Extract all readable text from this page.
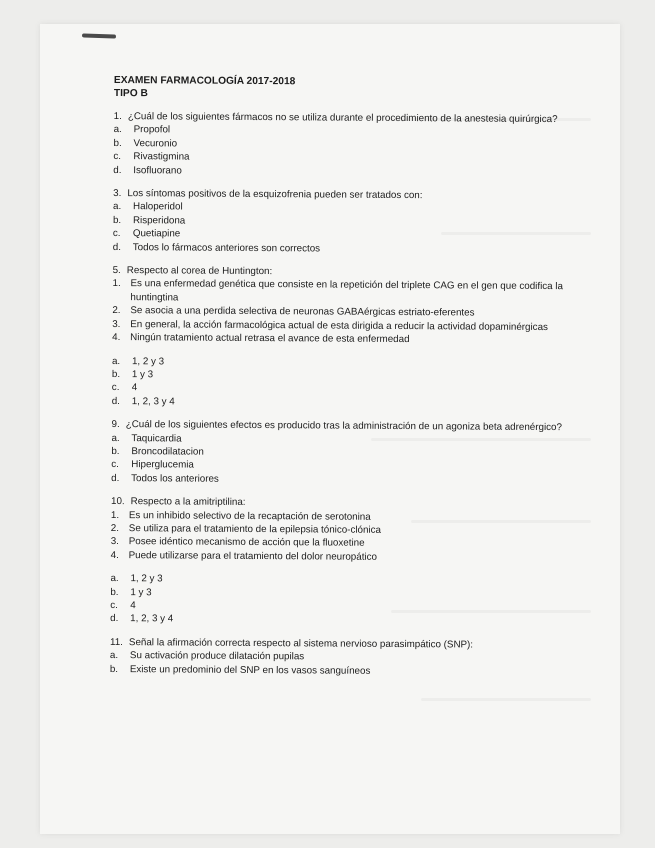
EXAMEN FARMACOLOGÍA 2017-2018
TIPO B
1. ¿Cuál de los siguientes fármacos no se utiliza durante el procedimiento de la anestesia quirúrgica?
a.	Propofol
b.	Vecuronio
c.	Rivastigmina
d.	Isofluorano
3. Los síntomas positivos de la esquizofrenia pueden ser tratados con:
a.	Haloperidol
b.	Risperidona
c.	Quetiapine
d.	Todos lo fármacos anteriores son correctos
5. Respecto al corea de Huntington:
1. Es una enfermedad genética que consiste en la repetición del triplete CAG en el gen que codifica la huntingtina
2. Se asocia a una perdida selectiva de neuronas GABAérgicas estriato-eferentes
3. En general, la acción farmacológica actual de esta dirigida a reducir la actividad dopaminérgicas
4. Ningún tratamiento actual retrasa el avance de esta enfermedad
a.	1, 2 y 3
b.	1 y 3
c.	4
d.	1, 2, 3 y 4
9. ¿Cuál de los siguientes efectos es producido tras la administración de un agoniza beta adrenérgico?
a.	Taquicardia
b.	Broncodilatacion
c.	Hiperglucemia
d.	Todos los anteriores
10. Respecto a la amitriptilina:
1. Es un inhibido selectivo de la recaptación de serotonina
2. Se utiliza para el tratamiento de la epilepsia tónico-clónica
3. Posee idéntico mecanismo de acción que la fluoxetine
4. Puede utilizarse para el tratamiento del dolor neuropático
a.	1, 2 y 3
b.	1 y 3
c.	4
d.	1, 2, 3 y 4
11. Señal la afirmación correcta respecto al sistema nervioso parasimpático (SNP):
a.	Su activación produce dilatación pupilas
b.	Existe un predominio del SNP en los vasos sanguíneos
